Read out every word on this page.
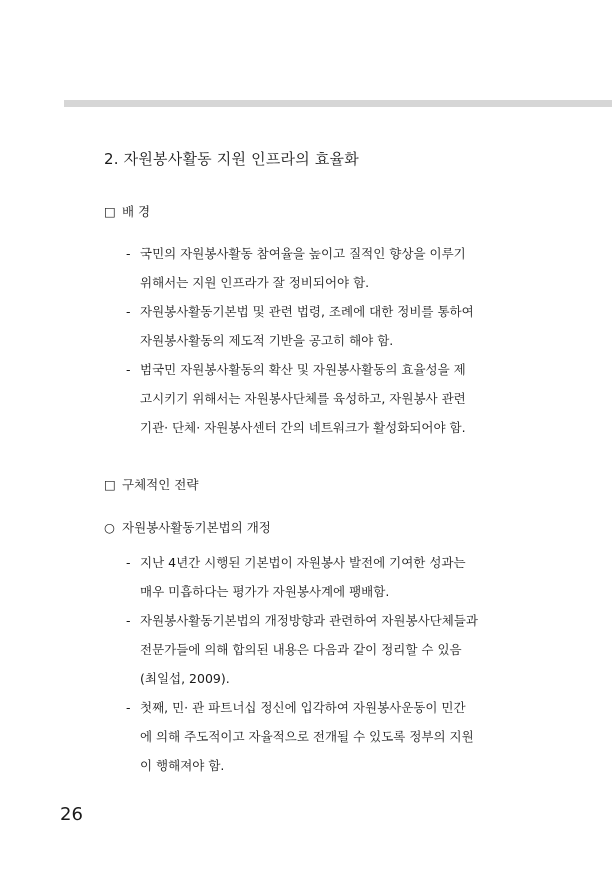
2. 자원봉사활동 지원 인프라의 효율화
□ 배 경
- 국민의 자원봉사활동 참여율을 높이고 질적인 향상을 이루기
위해서는 지원 인프라가 잘 정비되어야 함.
- 자원봉사활동기본법 및 관련 법령, 조례에 대한 정비를 통하여
자원봉사활동의 제도적 기반을 공고히 해야 함.
- 범국민 자원봉사활동의 확산 및 자원봉사활동의 효율성을 제
고시키기 위해서는 자원봉사단체를 육성하고, 자원봉사 관련
기관· 단체· 자원봉사센터 간의 네트워크가 활성화되어야 함.
□ 구체적인 전략
○ 자원봉사활동기본법의 개정
- 지난 4년간 시행된 기본법이 자원봉사 발전에 기여한 성과는
매우 미흡하다는 평가가 자원봉사계에 팽배함.
- 자원봉사활동기본법의 개정방향과 관련하여 자원봉사단체들과
전문가들에 의해 합의된 내용은 다음과 같이 정리할 수 있음
(최일섭, 2009).
- 첫째, 민· 관 파트너십 정신에 입각하여 자원봉사운동이 민간
에 의해 주도적이고 자율적으로 전개될 수 있도록 정부의 지원
이 행해져야 함.
26
